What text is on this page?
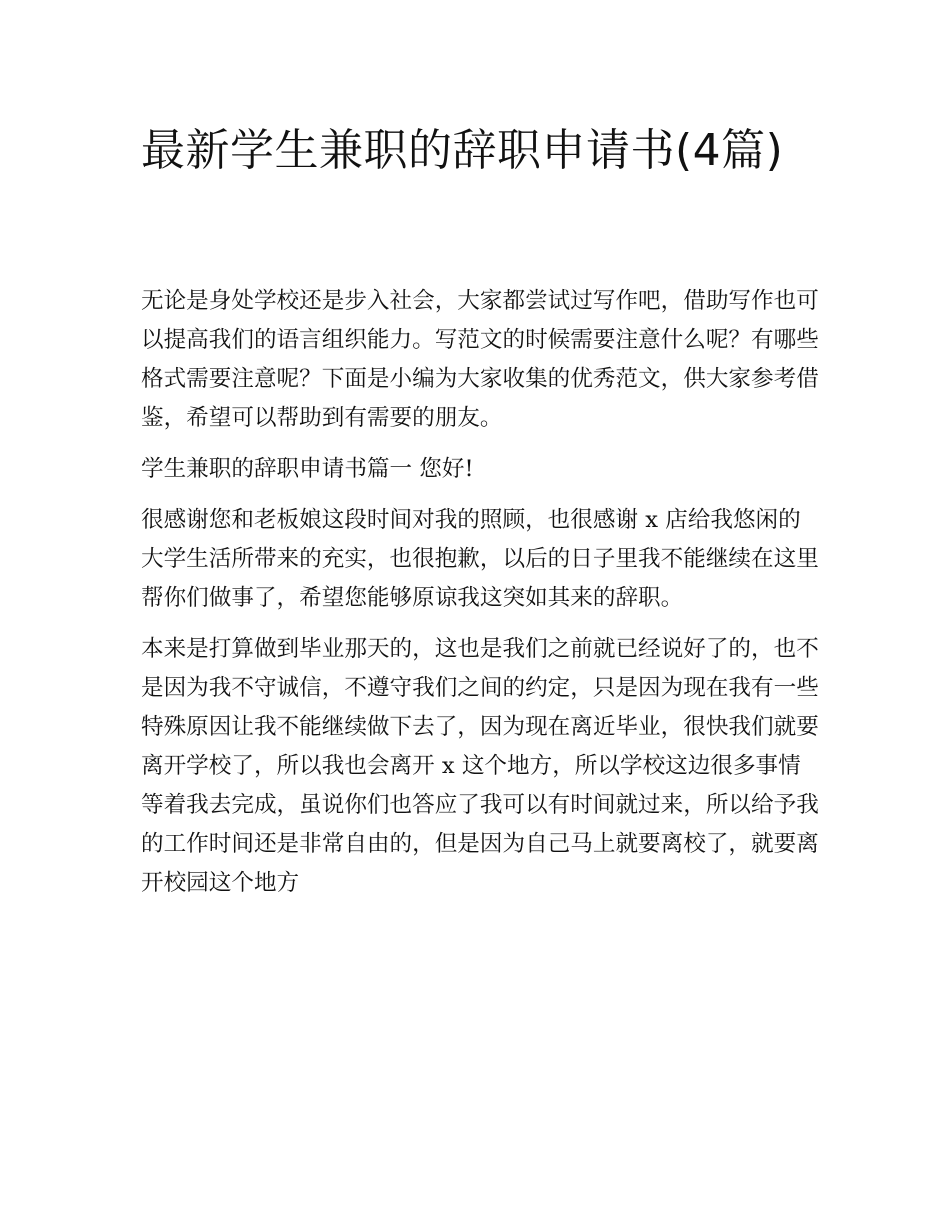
最新学生兼职的辞职申请书(4篇)

无论是身处学校还是步入社会，大家都尝试过写作吧，借助写作也可以提高我们的语言组织能力。写范文的时候需要注意什么呢？有哪些格式需要注意呢？下面是小编为大家收集的优秀范文，供大家参考借鉴，希望可以帮助到有需要的朋友。

学生兼职的辞职申请书篇一 您好!

很感谢您和老板娘这段时间对我的照顾，也很感谢 x 店给我悠闲的大学生活所带来的充实，也很抱歉，以后的日子里我不能继续在这里帮你们做事了，希望您能够原谅我这突如其来的辞职。

本来是打算做到毕业那天的，这也是我们之前就已经说好了的，也不是因为我不守诚信，不遵守我们之间的约定，只是因为现在我有一些特殊原因让我不能继续做下去了，因为现在离近毕业，很快我们就要离开学校了，所以我也会离开 x 这个地方，所以学校这边很多事情等着我去完成，虽说你们也答应了我可以有时间就过来，所以给予我的工作时间还是非常自由的，但是因为自己马上就要离校了，就要离开校园这个地方
